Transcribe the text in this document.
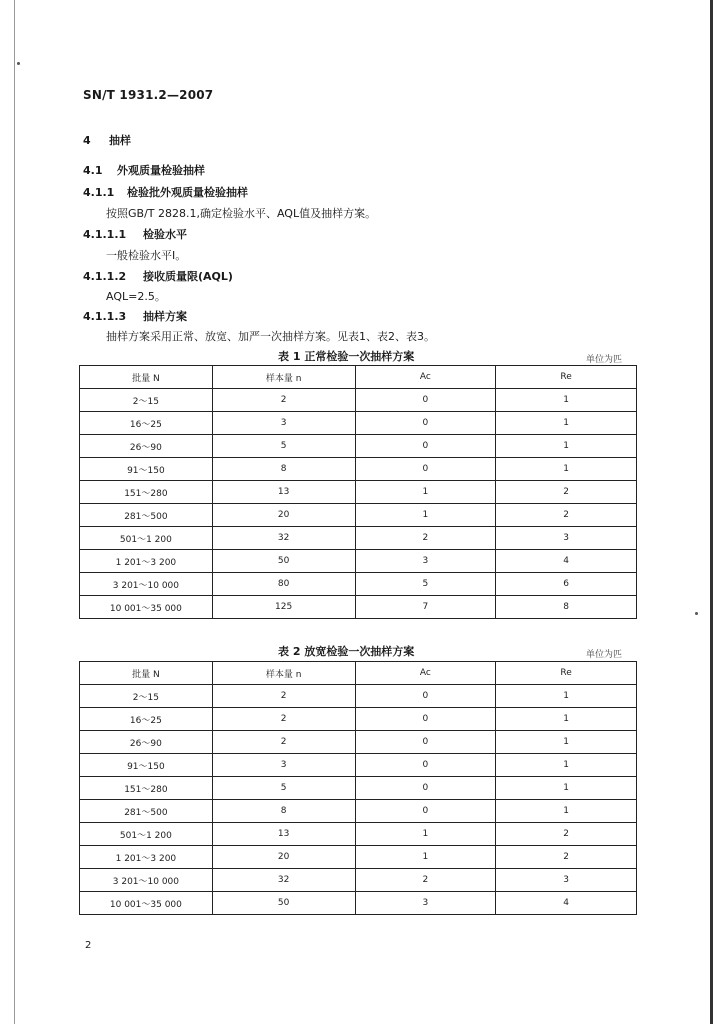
SN/T 1931.2—2007
4 抽样
4.1 外观质量检验抽样
4.1.1 检验批外观质量检验抽样
按照GB/T 2828.1,确定检验水平、AQL值及抽样方案。
4.1.1.1 检验水平
一般检验水平Ⅰ。
4.1.1.2 接收质量限(AQL)
AQL=2.5。
4.1.1.3 抽样方案
抽样方案采用正常、放宽、加严一次抽样方案。见表1、表2、表3。
表 1 正常检验一次抽样方案	单位为匹
批量 N	样本量 n	Ac	Re
2～15	2	0	1
16～25	3	0	1
26～90	5	0	1
91～150	8	0	1
151～280	13	1	2
281～500	20	1	2
501～1 200	32	2	3
1 201～3 200	50	3	4
3 201～10 000	80	5	6
10 001～35 000	125	7	8
表 2 放宽检验一次抽样方案	单位为匹
批量 N	样本量 n	Ac	Re
2～15	2	0	1
16～25	2	0	1
26～90	2	0	1
91～150	3	0	1
151～280	5	0	1
281～500	8	0	1
501～1 200	13	1	2
1 201～3 200	20	1	2
3 201～10 000	32	2	3
10 001～35 000	50	3	4
2
